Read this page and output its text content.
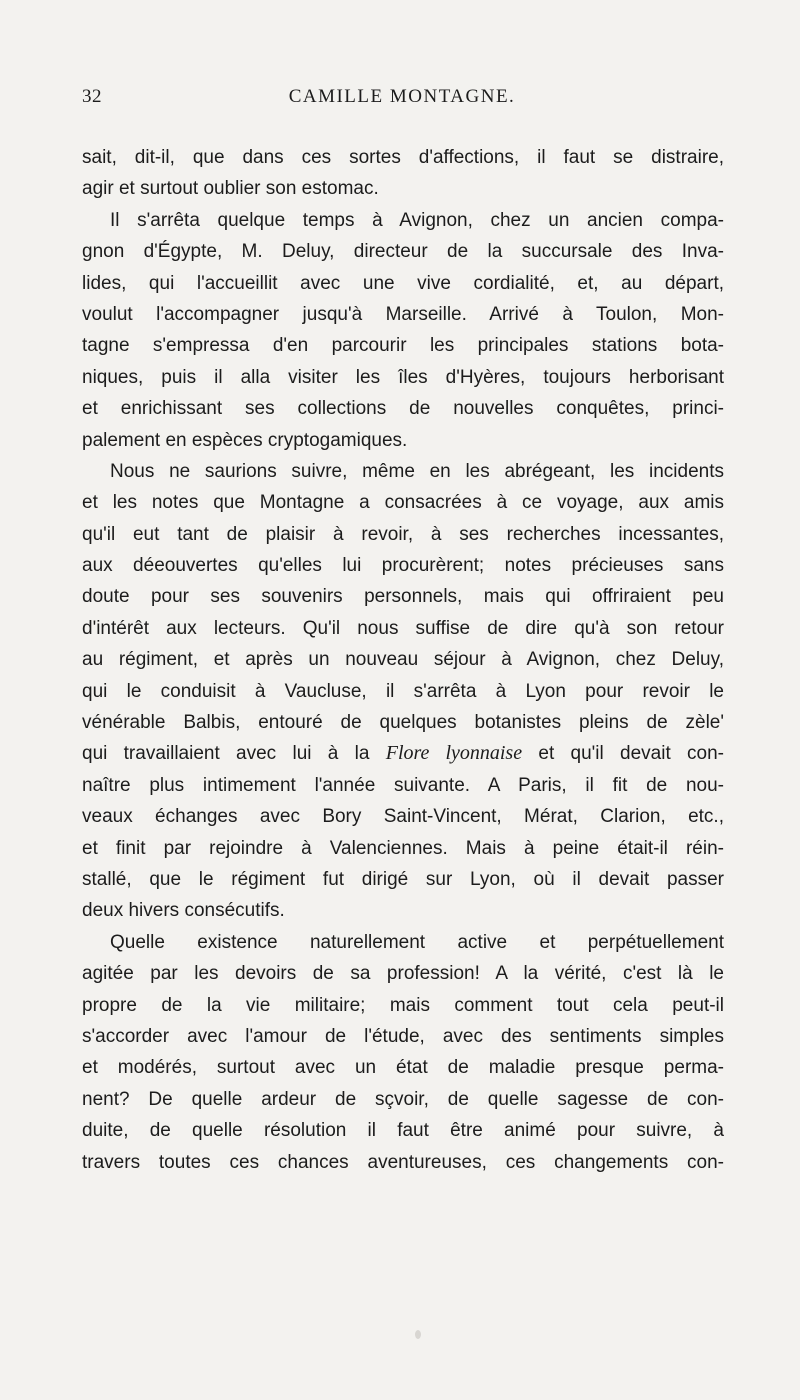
32	CAMILLE MONTAGNE.
sait, dit-il, que dans ces sortes d'affections, il faut se distraire,
agir et surtout oublier son estomac.
Il s'arrêta quelque temps à Avignon, chez un ancien compa-
gnon d'Égypte, M. Deluy, directeur de la succursale des Inva-
lides, qui l'accueillit avec une vive cordialité, et, au départ,
voulut l'accompagner jusqu'à Marseille. Arrivé à Toulon, Mon-
tagne s'empressa d'en parcourir les principales stations bota-
niques, puis il alla visiter les îles d'Hyères, toujours herborisant
et enrichissant ses collections de nouvelles conquêtes, princi-
palement en espèces cryptogamiques.
Nous ne saurions suivre, même en les abrégeant, les incidents
et les notes que Montagne a consacrées à ce voyage, aux amis
qu'il eut tant de plaisir à revoir, à ses recherches incessantes,
aux déeouvertes qu'elles lui procurèrent; notes précieuses sans
doute pour ses souvenirs personnels, mais qui offriraient peu
d'intérêt aux lecteurs. Qu'il nous suffise de dire qu'à son retour
au régiment, et après un nouveau séjour à Avignon, chez Deluy,
qui le conduisit à Vaucluse, il s'arrêta à Lyon pour revoir le
vénérable Balbis, entouré de quelques botanistes pleins de zèle'
qui travaillaient avec lui à la Flore lyonnaise et qu'il devait con-
naître plus intimement l'année suivante. A Paris, il fit de nou-
veaux échanges avec Bory Saint-Vincent, Mérat, Clarion, etc.,
et finit par rejoindre à Valenciennes. Mais à peine était-il réin-
stallé, que le régiment fut dirigé sur Lyon, où il devait passer
deux hivers consécutifs.
Quelle existence naturellement active et perpétuellement
agitée par les devoirs de sa profession! A la vérité, c'est là le
propre de la vie militaire; mais comment tout cela peut-il
s'accorder avec l'amour de l'étude, avec des sentiments simples
et modérés, surtout avec un état de maladie presque perma-
nent? De quelle ardeur de sçvoir, de quelle sagesse de con-
duite, de quelle résolution il faut être animé pour suivre, à
travers toutes ces chances aventureuses, ces changements con-
